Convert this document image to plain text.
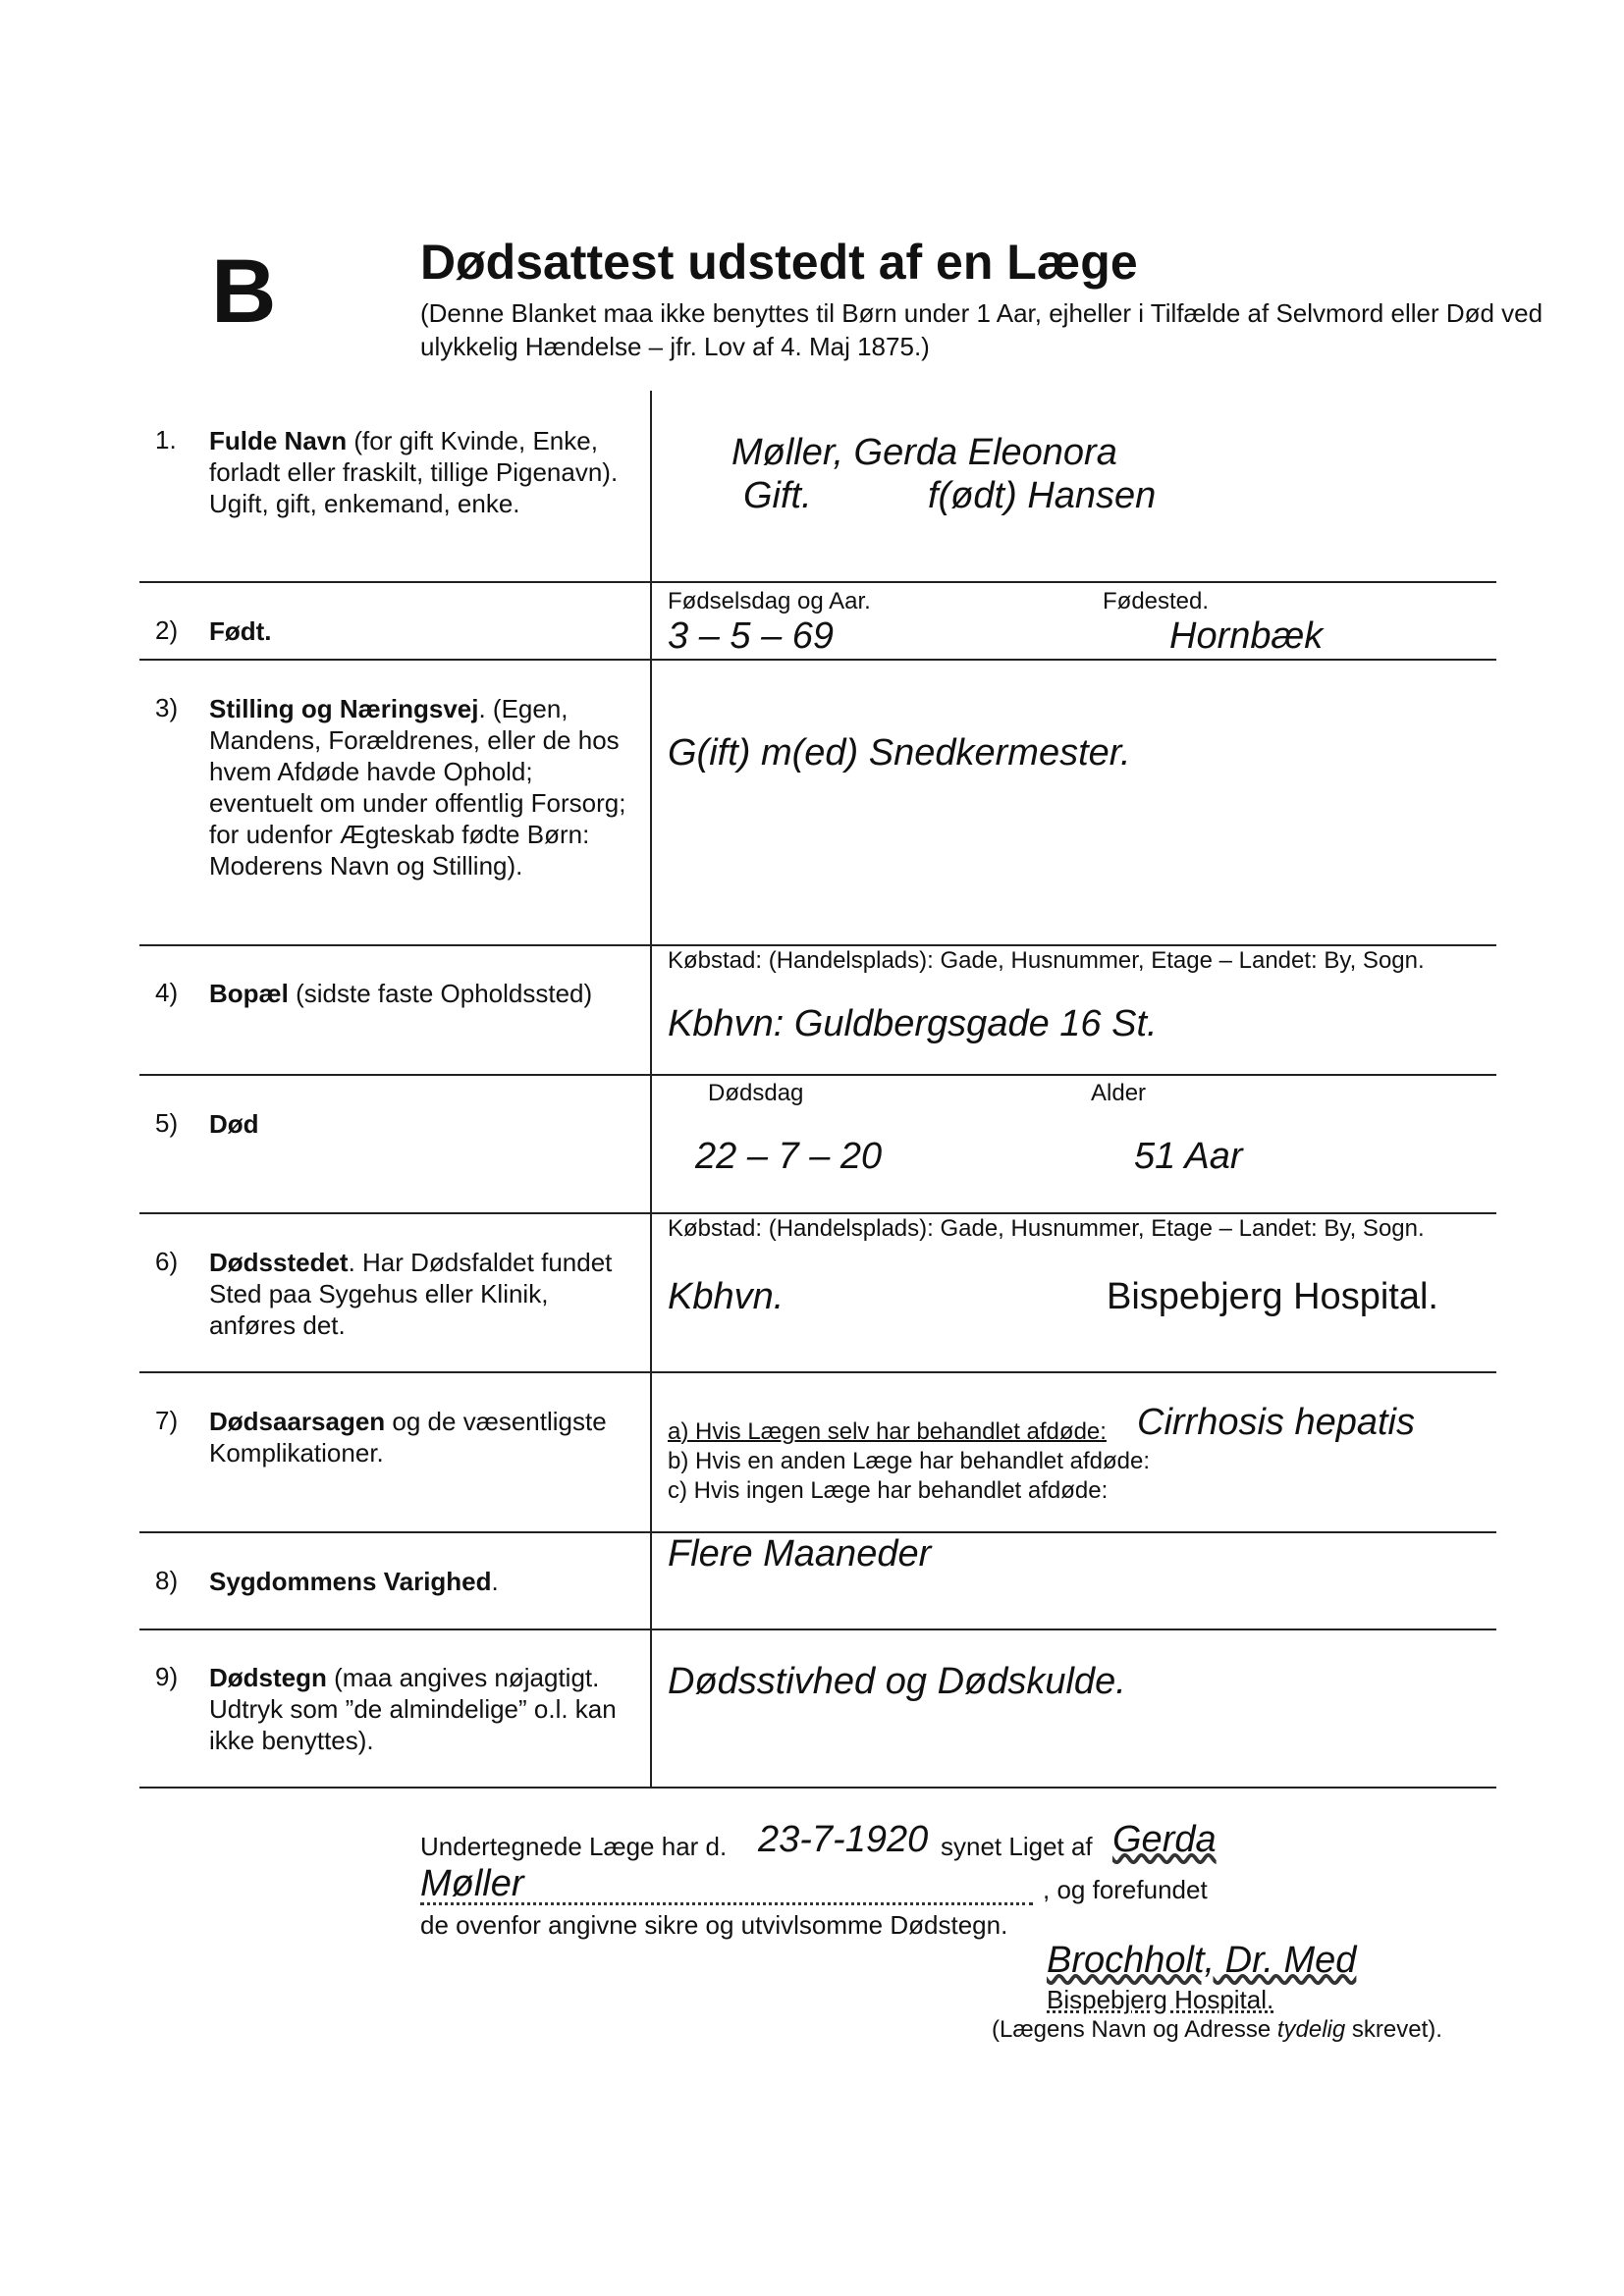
B	Dødsattest udstedt af en Læge
(Denne Blanket maa ikke benyttes til Børn under 1 Aar, ejheller i Tilfælde af Selvmord eller Død ved ulykkelig Hændelse – jfr. Lov af 4. Maj 1875.)
1. Fulde Navn (for gift Kvinde, Enke, forladt eller fraskilt, tillige Pigenavn).
Ugift, gift, enkemand, enke.
Møller, Gerda Eleonora
Gift.	f(ødt) Hansen
2) Født.
Fødselsdag og Aar.	Fødested.
3 – 5 – 69	Hornbæk
3) Stilling og Næringsvej. (Egen, Mandens, Forældrenes, eller de hos hvem Afdøde havde Ophold; eventuelt om under offentlig Forsorg; for udenfor Ægteskab fødte Børn: Moderens Navn og Stilling).
G(ift) m(ed) Snedkermester.
4) Bopæl (sidste faste Opholdssted)
Købstad: (Handelsplads): Gade, Husnummer, Etage – Landet: By, Sogn.
Kbhvn: Guldbergsgade 16 St.
5) Død
Dødsdag	Alder
22 – 7 – 20	51 Aar
6) Dødsstedet. Har Dødsfaldet fundet Sted paa Sygehus eller Klinik, anføres det.
Købstad: (Handelsplads): Gade, Husnummer, Etage – Landet: By, Sogn.
Kbhvn.	Bispebjerg Hospital.
7) Dødsaarsagen og de væsentligste Komplikationer.
a) Hvis Lægen selv har behandlet afdøde: Cirrhosis hepatis
b) Hvis en anden Læge har behandlet afdøde:
c) Hvis ingen Læge har behandlet afdøde:
8) Sygdommens Varighed.
Flere Maaneder
9) Dødstegn (maa angives nøjagtigt. Udtryk som ”de almindelige” o.l. kan ikke benyttes).
Dødsstivhed og Dødskulde.
Undertegnede Læge har d. 23-7-1920 synet Liget af Gerda
Møller	, og forefundet
de ovenfor angivne sikre og utvivlsomme Dødstegn.
Brochholt, Dr. Med
Bispebjerg Hospital.
(Lægens Navn og Adresse tydelig skrevet).
